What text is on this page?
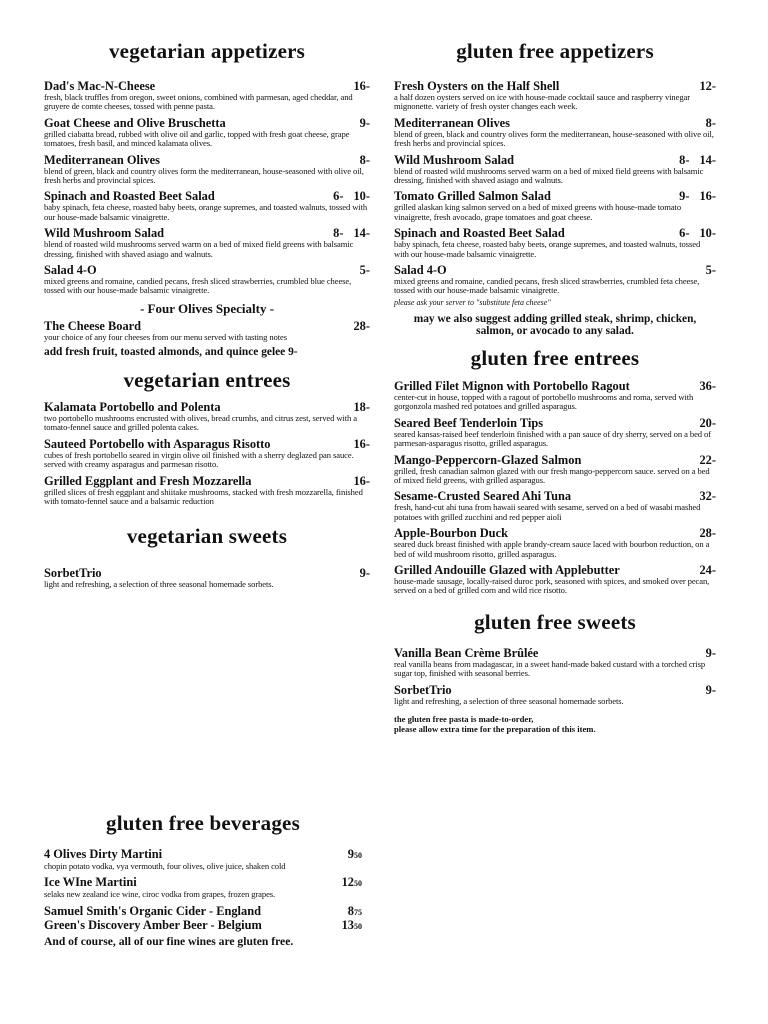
vegetarian appetizers
Dad's Mac-N-Cheese	16-

fresh, black truffles from oregon, sweet onions, combined with parmesan, aged cheddar, and gruyere de comte cheeses, tossed with penne pasta.

Goat Cheese and Olive Bruschetta	9-

grilled ciabatta bread, rubbed with olive oil and garlic, topped with fresh goat cheese, grape tomatoes, fresh basil, and minced kalamata olives.

Mediterranean Olives	8-

blend of green, black and country olives form the mediterranean, house-seasoned with olive oil, fresh herbs and provincial spices.

Spinach and Roasted Beet Salad	6- 10-

baby spinach, feta cheese, roasted baby beets, orange supremes, and toasted walnuts, tossed with our house-made balsamic vinaigrette.

Wild Mushroom Salad	8- 14-

blend of roasted wild mushrooms served warm on a bed of mixed field greens with balsamic dressing, finished with shaved asiago and walnuts.

Salad 4-O	5-

mixed greens and romaine, candied pecans, fresh sliced strawberries, crumbled blue cheese, tossed with our house-made balsamic vinaigrette.

- Four Olives Specialty -
The Cheese Board	28-

your choice of any four cheeses from our menu served with tasting notes

add fresh fruit, toasted almonds, and quince gelee 9-

vegetarian entrees
Kalamata Portobello and Polenta	18-

two portobello mushrooms encrusted with olives, bread crumbs, and citrus zest, served with a tomato-fennel sauce and grilled polenta cakes.

Sauteed Portobello with Asparagus Risotto	16-

cubes of fresh portobello seared in virgin olive oil finished with a sherry deglazed pan sauce. served with creamy asparagus and parmesan risotto.

Grilled Eggplant and Fresh Mozzarella	16-

grilled slices of fresh eggplant and shiitake mushrooms, stacked with fresh mozzarella, finished with tomato-fennel sauce and a balsamic reduction

vegetarian sweets
SorbetTrio	9-

light and refreshing, a selection of three seasonal homemade sorbets.

gluten free appetizers
Fresh Oysters on the Half Shell	12-

a half dozen oysters served on ice with house-made cocktail sauce and raspberry vinegar mignonette. variety of fresh oyster changes each week.

Mediterranean Olives	8-

blend of green, black and country olives form the mediterranean, house-seasoned with olive oil, fresh herbs and provincial spices.

Wild Mushroom Salad	8- 14-

blend of roasted wild mushrooms served warm on a bed of mixed field greens with balsamic dressing, finished with shaved asiago and walnuts.

Tomato Grilled Salmon Salad	9- 16-

grilled alaskan king salmon served on a bed of mixed greens with house-made tomato vinaigrette, fresh avocado, grape tomatoes and goat cheese.

Spinach and Roasted Beet Salad	6- 10-

baby spinach, feta cheese, roasted baby beets, orange supremes, and toasted walnuts, tossed with our house-made balsamic vinaigrette.

Salad 4-O	5-

mixed greens and romaine, candied pecans, fresh sliced strawberries, crumbled feta cheese, tossed with our house-made balsamic vinaigrette.

please ask your server to "substitute feta cheese"

may we also suggest adding grilled steak, shrimp, chicken, salmon, or avocado to any salad.

gluten free entrees
Grilled Filet Mignon with Portobello Ragout	36-

center-cut in house, topped with a ragout of portobello mushrooms and roma, served with gorgonzola mashed red potatoes and grilled asparagus.

Seared Beef Tenderloin Tips	20-

seared kansas-raised beef tenderloin finished with a pan sauce of dry sherry, served on a bed of parmesan-asparagus risotto, grilled asparagus.

Mango-Peppercorn-Glazed Salmon	22-

grilled, fresh canadian salmon glazed with our fresh mango-peppercorn sauce. served on a bed of mixed field greens, with grilled asparagus.

Sesame-Crusted Seared Ahi Tuna	32-

fresh, hand-cut ahi tuna from hawaii seared with sesame, served on a bed of wasabi mashed potatoes with grilled zucchini and red pepper aioli

Apple-Bourbon Duck	28-

seared duck breast finished with apple brandy-cream sauce laced with bourbon reduction, on a bed of wild mushroom risotto, grilled asparagus.

Grilled Andouille Glazed with Applebutter	24-

house-made sausage, locally-raised duroc pork, seasoned with spices, and smoked over pecan, served on a bed of grilled corn and wild rice risotto.

gluten free sweets
Vanilla Bean Crème Brûlée	9-

real vanilla beans from madagascar, in a sweet hand-made baked custard with a torched crisp sugar top, finished with seasonal berries.

SorbetTrio	9-

light and refreshing, a selection of three seasonal homemade sorbets.

the gluten free pasta is made-to-order,
please allow extra time for the preparation of this item.
gluten free beverages
4 Olives Dirty Martini	950

chopin potato vodka, vya vermouth, four olives, olive juice, shaken cold

Ice WIne Martini	1250

selaks new zealand ice wine, ciroc vodka from grapes, frozen grapes.

Samuel Smith's Organic Cider - England	875
Green's Discovery Amber Beer - Belgium	1350

And of course, all of our fine wines are gluten free.
